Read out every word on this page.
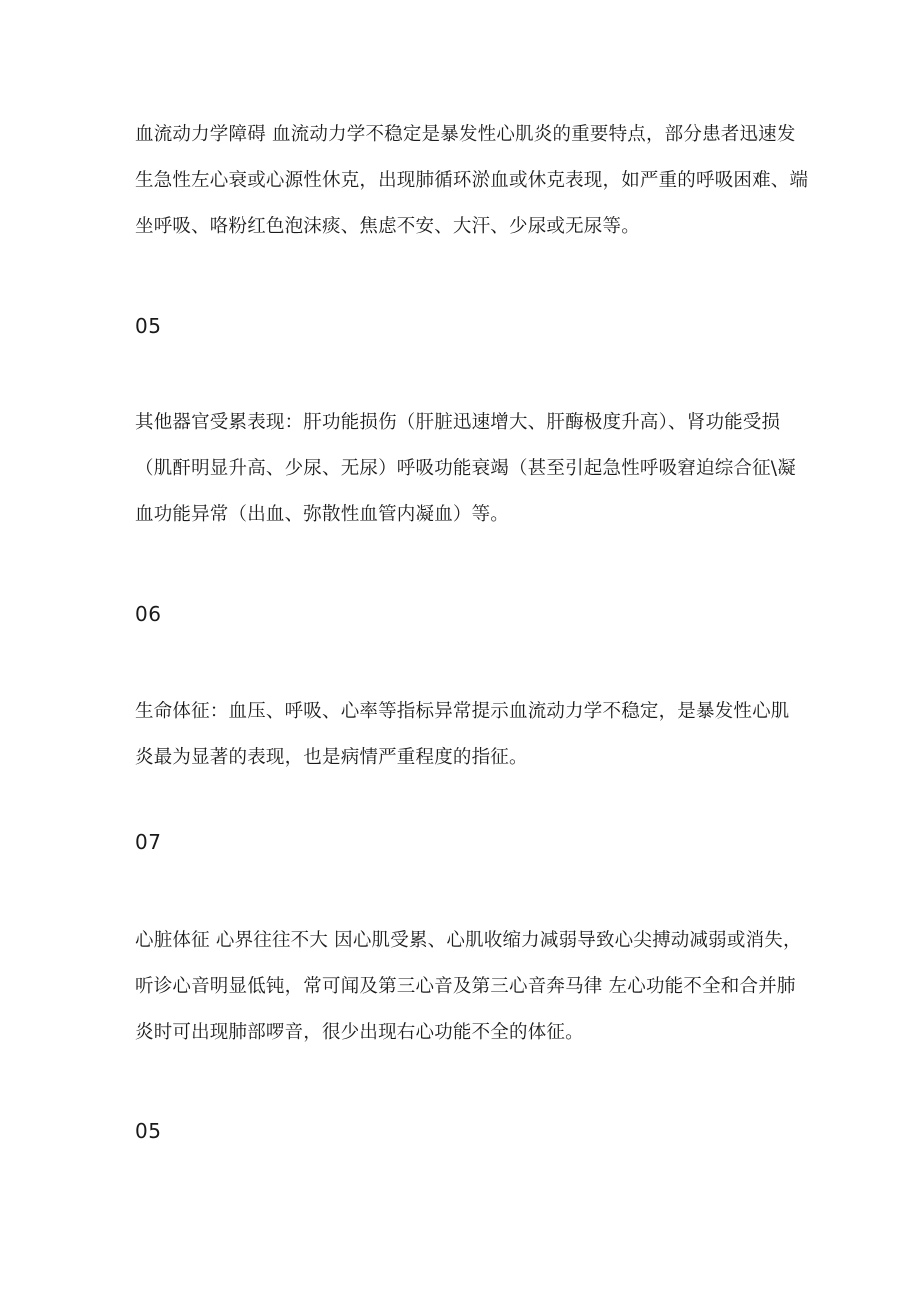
血流动力学障碍 血流动力学不稳定是暴发性心肌炎的重要特点，部分患者迅速发
生急性左心衰或心源性休克，出现肺循环淤血或休克表现，如严重的呼吸困难、端
坐呼吸、咯粉红色泡沫痰、焦虑不安、大汗、少尿或无尿等。

05

其他器官受累表现：肝功能损伤（肝脏迅速增大、肝酶极度升高）、肾功能受损
（肌酐明显升高、少尿、无尿）呼吸功能衰竭（甚至引起急性呼吸窘迫综合征\凝
血功能异常（出血、弥散性血管内凝血）等。

06

生命体征：血压、呼吸、心率等指标异常提示血流动力学不稳定，是暴发性心肌
炎最为显著的表现，也是病情严重程度的指征。

07

心脏体征 心界往往不大 因心肌受累、心肌收缩力减弱导致心尖搏动减弱或消失，
听诊心音明显低钝，常可闻及第三心音及第三心音奔马律 左心功能不全和合并肺
炎时可出现肺部啰音，很少出现右心功能不全的体征。

05
